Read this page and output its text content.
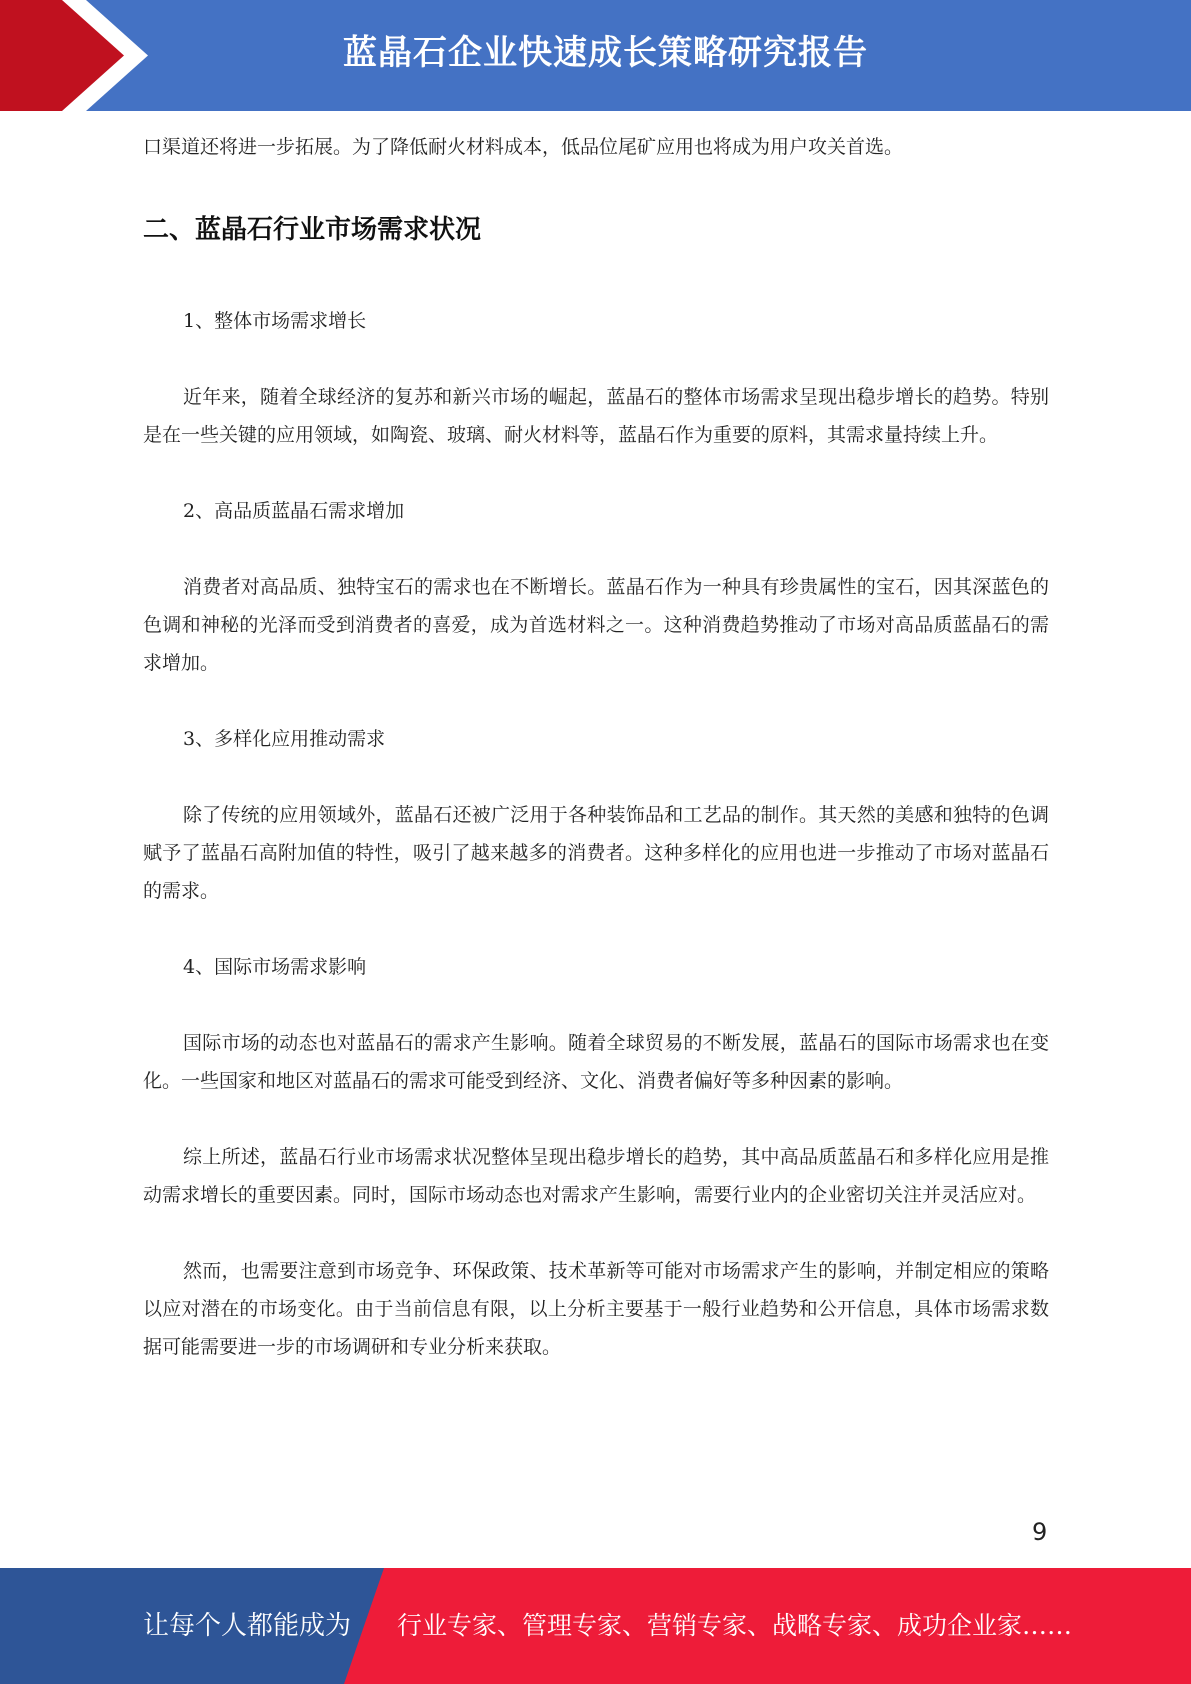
蓝晶石企业快速成长策略研究报告

口渠道还将进一步拓展。为了降低耐火材料成本，低品位尾矿应用也将成为用户攻关首选。

二、蓝晶石行业市场需求状况

1、整体市场需求增长

近年来，随着全球经济的复苏和新兴市场的崛起，蓝晶石的整体市场需求呈现出稳步增长的趋势。特别是在一些关键的应用领域，如陶瓷、玻璃、耐火材料等，蓝晶石作为重要的原料，其需求量持续上升。

2、高品质蓝晶石需求增加

消费者对高品质、独特宝石的需求也在不断增长。蓝晶石作为一种具有珍贵属性的宝石，因其深蓝色的色调和神秘的光泽而受到消费者的喜爱，成为首选材料之一。这种消费趋势推动了市场对高品质蓝晶石的需求增加。

3、多样化应用推动需求

除了传统的应用领域外，蓝晶石还被广泛用于各种装饰品和工艺品的制作。其天然的美感和独特的色调赋予了蓝晶石高附加值的特性，吸引了越来越多的消费者。这种多样化的应用也进一步推动了市场对蓝晶石的需求。

4、国际市场需求影响

国际市场的动态也对蓝晶石的需求产生影响。随着全球贸易的不断发展，蓝晶石的国际市场需求也在变化。一些国家和地区对蓝晶石的需求可能受到经济、文化、消费者偏好等多种因素的影响。

综上所述，蓝晶石行业市场需求状况整体呈现出稳步增长的趋势，其中高品质蓝晶石和多样化应用是推动需求增长的重要因素。同时，国际市场动态也对需求产生影响，需要行业内的企业密切关注并灵活应对。

然而，也需要注意到市场竞争、环保政策、技术革新等可能对市场需求产生的影响，并制定相应的策略以应对潜在的市场变化。由于当前信息有限，以上分析主要基于一般行业趋势和公开信息，具体市场需求数据可能需要进一步的市场调研和专业分析来获取。

9
让每个人都能成为 行业专家、管理专家、营销专家、战略专家、成功企业家……
